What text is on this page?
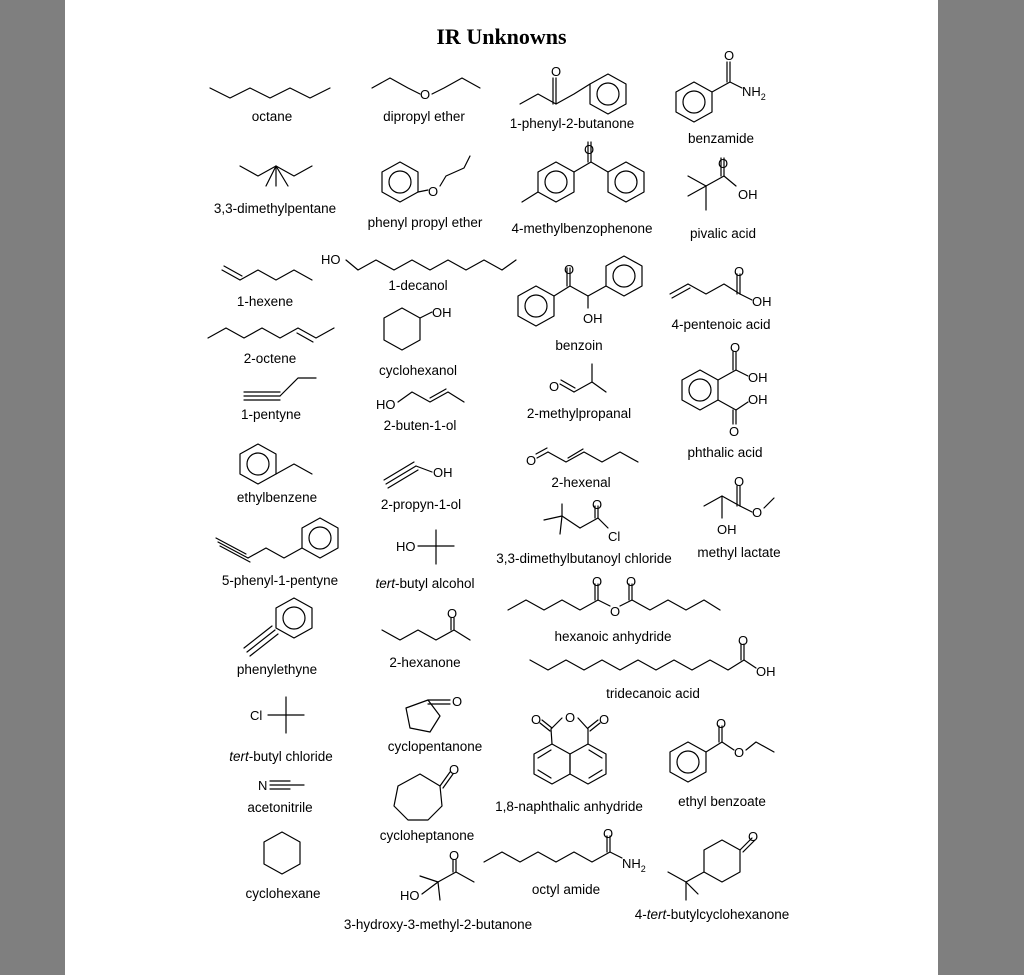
IR Unknowns
octane
O
dipropyl ether
O
1-phenyl-2-butanone
O
$NH_2$
benzamide
3,3-dimethylpentane
O
phenyl propyl ether
O
4-methylbenzophenone
O
OH
pivalic acid
1-hexene
HO
1-decanol
O
OH
benzoin
O
OH
4-pentenoic acid
2-octene
OH
cyclohexanol
O
2-methylpropanal
O
OH
OH
O
phthalic acid
1-pentyne
HO
2-buten-1-ol
ethylbenzene
OH
2-propyn-1-ol
O
2-hexenal
OH
O
O
methyl lactate
O
Cl
3,3-dimethylbutanoyl chloride
5-phenyl-1-pentyne
HO
tert-butyl alcohol	O
O
O
hexanoic anhydride
phenylethyne
O
2-hexanone
O
OH
tridecanoic acid
Cl
tert-butyl chloride
O
cyclopentanone
O O O
1,8-naphthalic anhydride
O
O
ethyl benzoate
N
acetonitrile
O
cycloheptanone
cyclohexane
O
$NH_2$
octyl amide
HO
O
3-hydroxy-3-methyl-2-butanone
O
4-tert-butylcyclohexanone
